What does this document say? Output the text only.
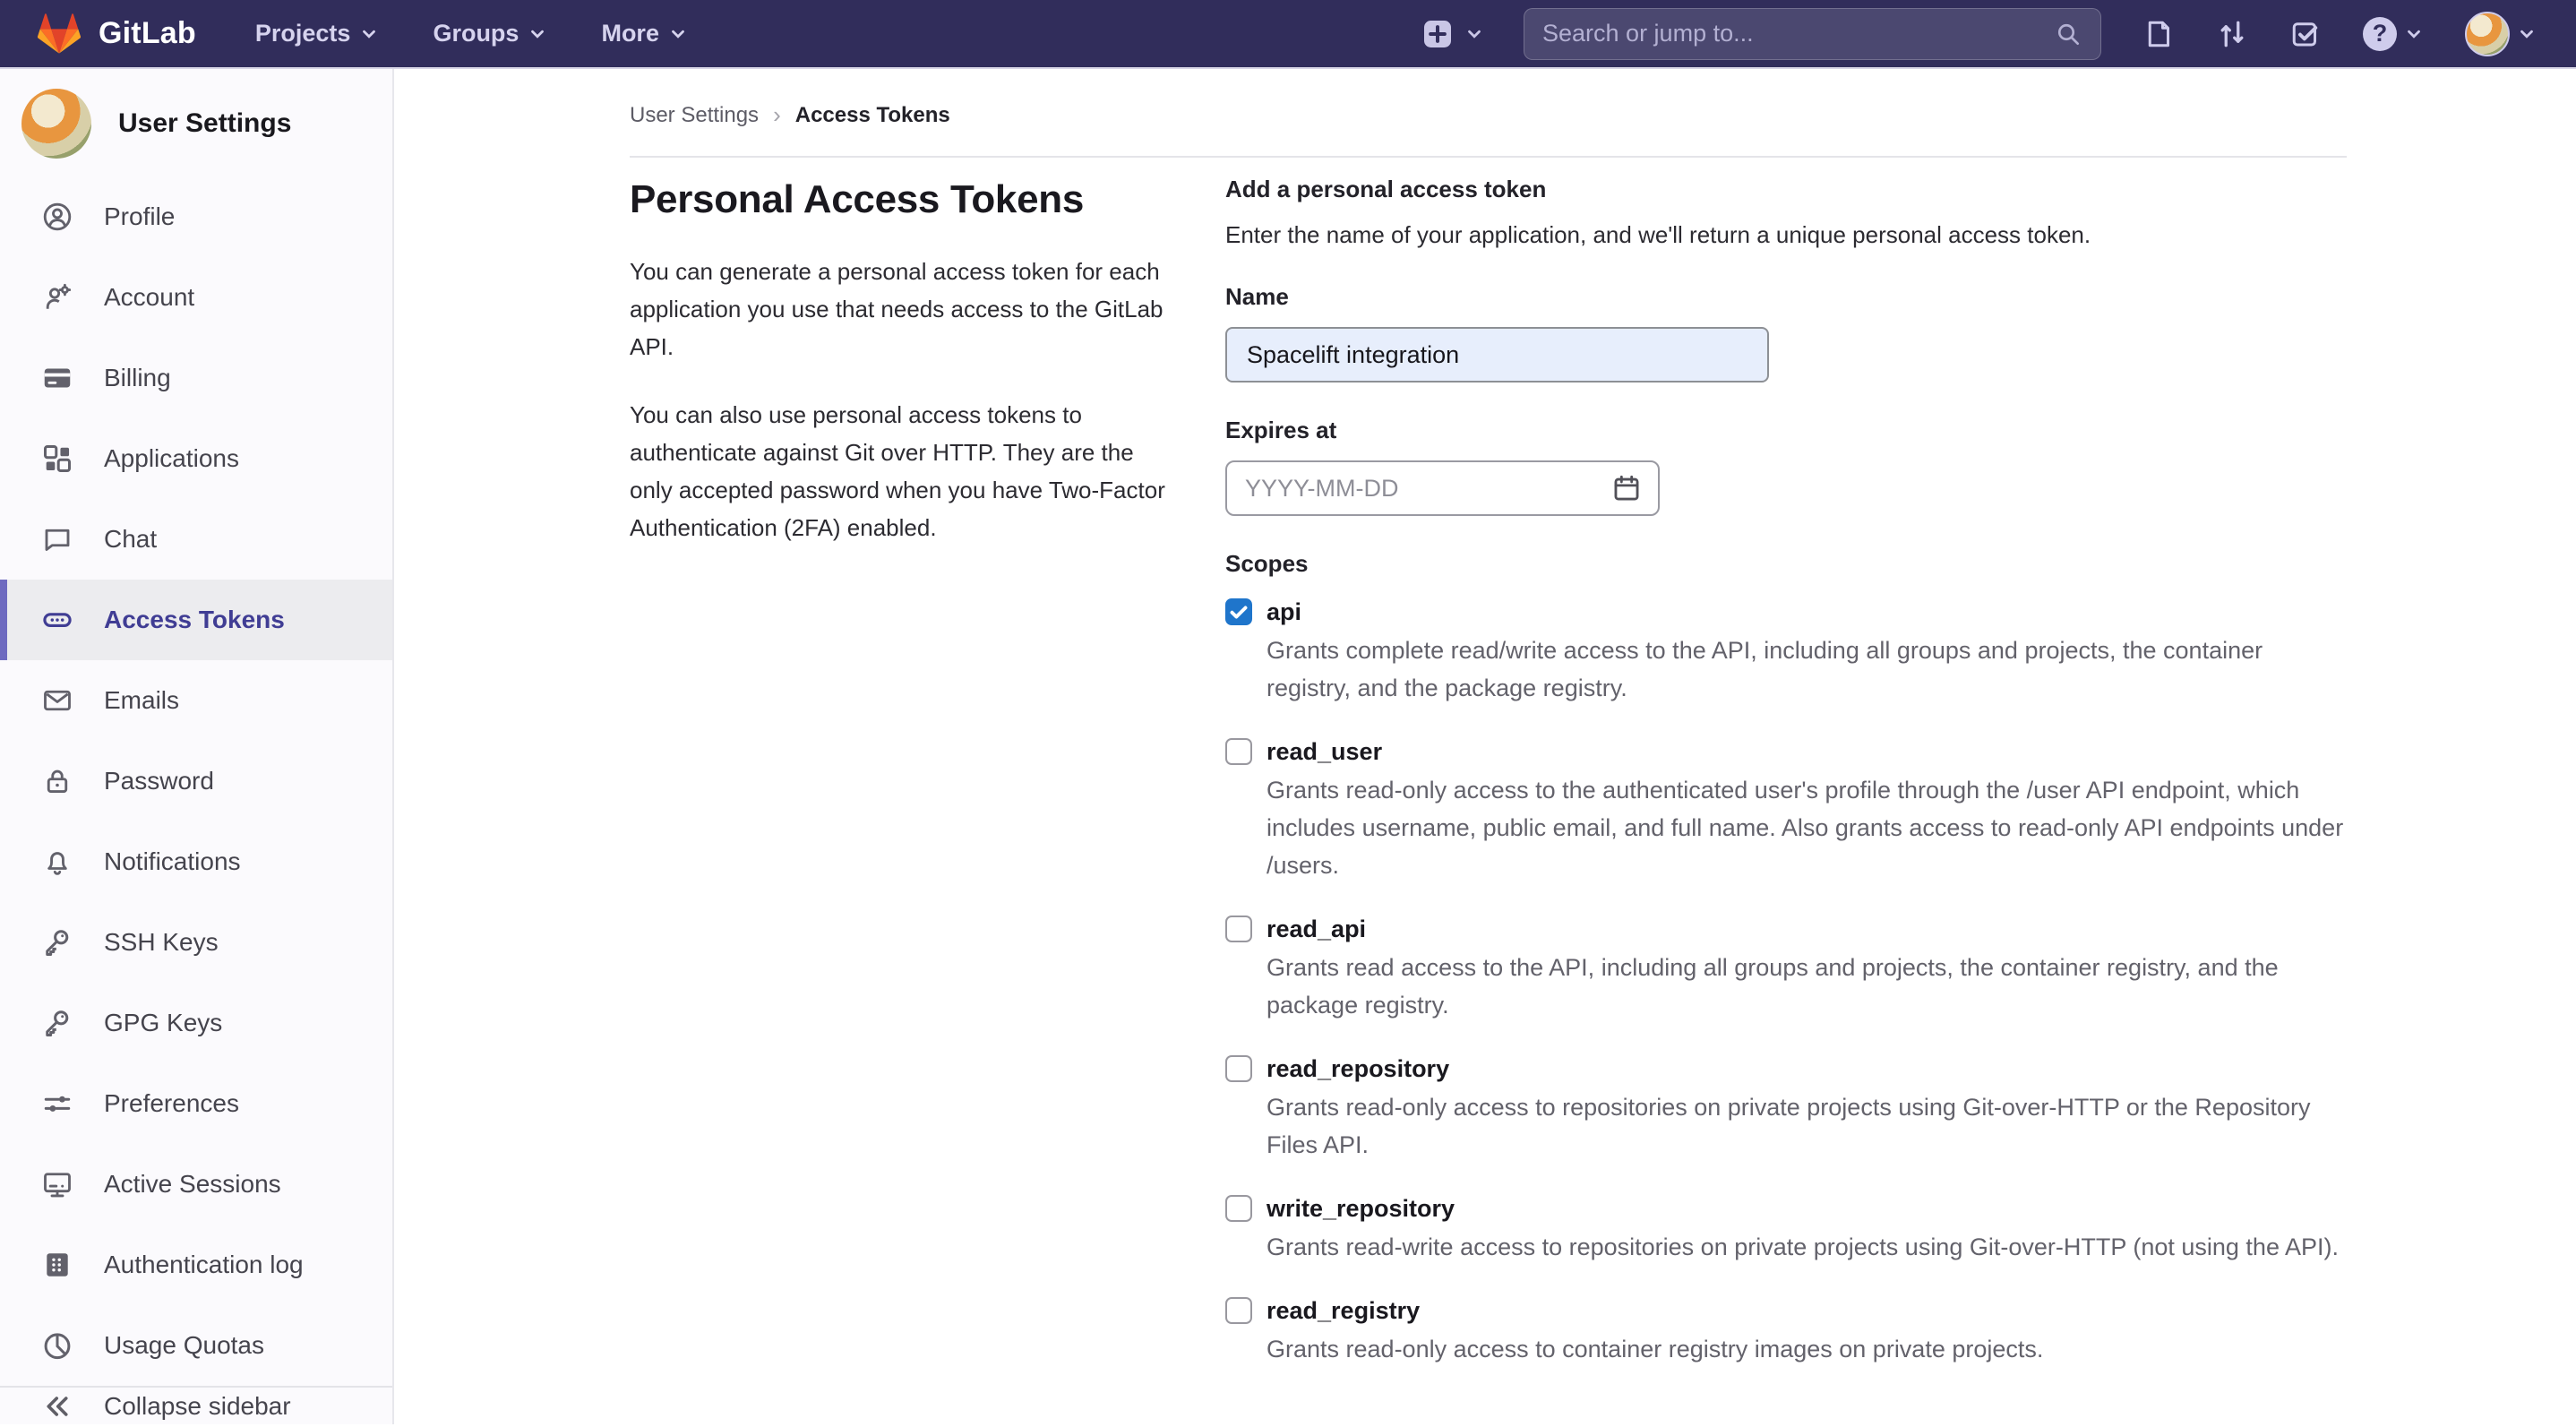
GitLab Projects	Groups	More
Search or jump to...	?
User Settings
Profile
Account
Billing
Applications
Chat
Access Tokens
Emails
Password
Notifications
SSH Keys
GPG Keys
Preferences
Active Sessions
Authentication log
Usage Quotas
Collapse sidebar
User Settings › Access Tokens
Personal Access Tokens

You can generate a personal access token for each application you use that needs access to the GitLab API.

You can also use personal access tokens to authenticate against Git over HTTP. They are the only accepted password when you have Two-Factor Authentication (2FA) enabled.

Add a personal access token
Enter the name of your application, and we'll return a unique personal access token.
Name
Spacelift integration
Expires at
YYYY-MM-DD
Scopes
api
Grants complete read/write access to the API, including all groups and projects, the container registry, and the package registry.
read_user
Grants read-only access to the authenticated user's profile through the /user API endpoint, which includes username, public email, and full name. Also grants access to read-only API endpoints under /users.
read_api
Grants read access to the API, including all groups and projects, the container registry, and the package registry.
read_repository
Grants read-only access to repositories on private projects using Git-over-HTTP or the Repository Files API.
write_repository
Grants read-write access to repositories on private projects using Git-over-HTTP (not using the API).
read_registry
Grants read-only access to container registry images on private projects.
